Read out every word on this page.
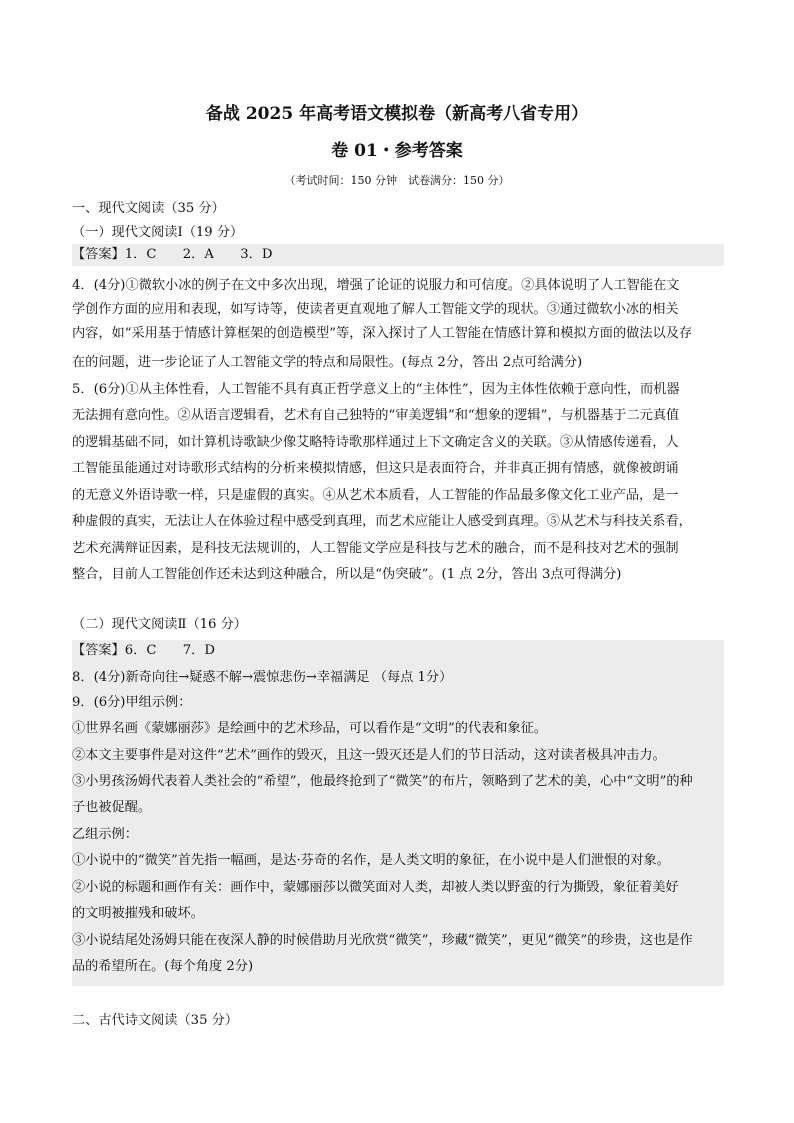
备战 2025 年高考语文模拟卷（新高考八省专用）
卷 01・参考答案
（考试时间：150 分钟　试卷满分：150 分）
一、现代文阅读（35 分）
（一）现代文阅读Ⅰ（19 分）
【答案】1．C　　2．A　　3．D
4．(4分)①微软小冰的例子在文中多次出现，增强了论证的说服力和可信度。②具体说明了人工智能在文
学创作方面的应用和表现，如写诗等，使读者更直观地了解人工智能文学的现状。③通过微软小冰的相关
内容，如“采用基于情感计算框架的创造模型”等，深入探讨了人工智能在情感计算和模拟方面的做法以及存
在的问题，进一步论证了人工智能文学的特点和局限性。(每点 2分，答出 2点可给满分)
5．(6分)①从主体性看，人工智能不具有真正哲学意义上的“主体性”，因为主体性依赖于意向性，而机器
无法拥有意向性。②从语言逻辑看，艺术有自己独特的“审美逻辑”和“想象的逻辑”，与机器基于二元真值
的逻辑基础不同，如计算机诗歌缺少像艾略特诗歌那样通过上下文确定含义的关联。③从情感传递看，人
工智能虽能通过对诗歌形式结构的分析来模拟情感，但这只是表面符合，并非真正拥有情感，就像被朗诵
的无意义外语诗歌一样，只是虚假的真实。④从艺术本质看，人工智能的作品最多像文化工业产品，是一
种虚假的真实，无法让人在体验过程中感受到真理，而艺术应能让人感受到真理。⑤从艺术与科技关系看，
艺术充满辩证因素，是科技无法规训的，人工智能文学应是科技与艺术的融合，而不是科技对艺术的强制
整合，目前人工智能创作还未达到这种融合，所以是“伪突破”。(1 点 2分，答出 3点可得满分)
（二）现代文阅读Ⅱ（16 分）
【答案】6．C　　7．D
8．(4分)新奇向往→疑惑不解→震惊悲伤→幸福满足 （每点 1分）
9．(6分)甲组示例：
①世界名画《蒙娜丽莎》是绘画中的艺术珍品，可以看作是“文明”的代表和象征。
②本文主要事件是对这件“艺术”画作的毁灭，且这一毁灭还是人们的节日活动，这对读者极具冲击力。
③小男孩汤姆代表着人类社会的“希望”，他最终抢到了“微笑”的布片，领略到了艺术的美，心中“文明”的种
子也被促醒。
乙组示例：
①小说中的“微笑”首先指一幅画，是达·芬奇的名作，是人类文明的象征，在小说中是人们泄恨的对象。
②小说的标题和画作有关：画作中，蒙娜丽莎以微笑面对人类，却被人类以野蛮的行为撕毁，象征着美好
的文明被摧残和破坏。
③小说结尾处汤姆只能在夜深人静的时候借助月光欣赏“微笑”，珍藏“微笑”，更见“微笑”的珍贵，这也是作
品的希望所在。(每个角度 2分)
二、古代诗文阅读（35 分）
